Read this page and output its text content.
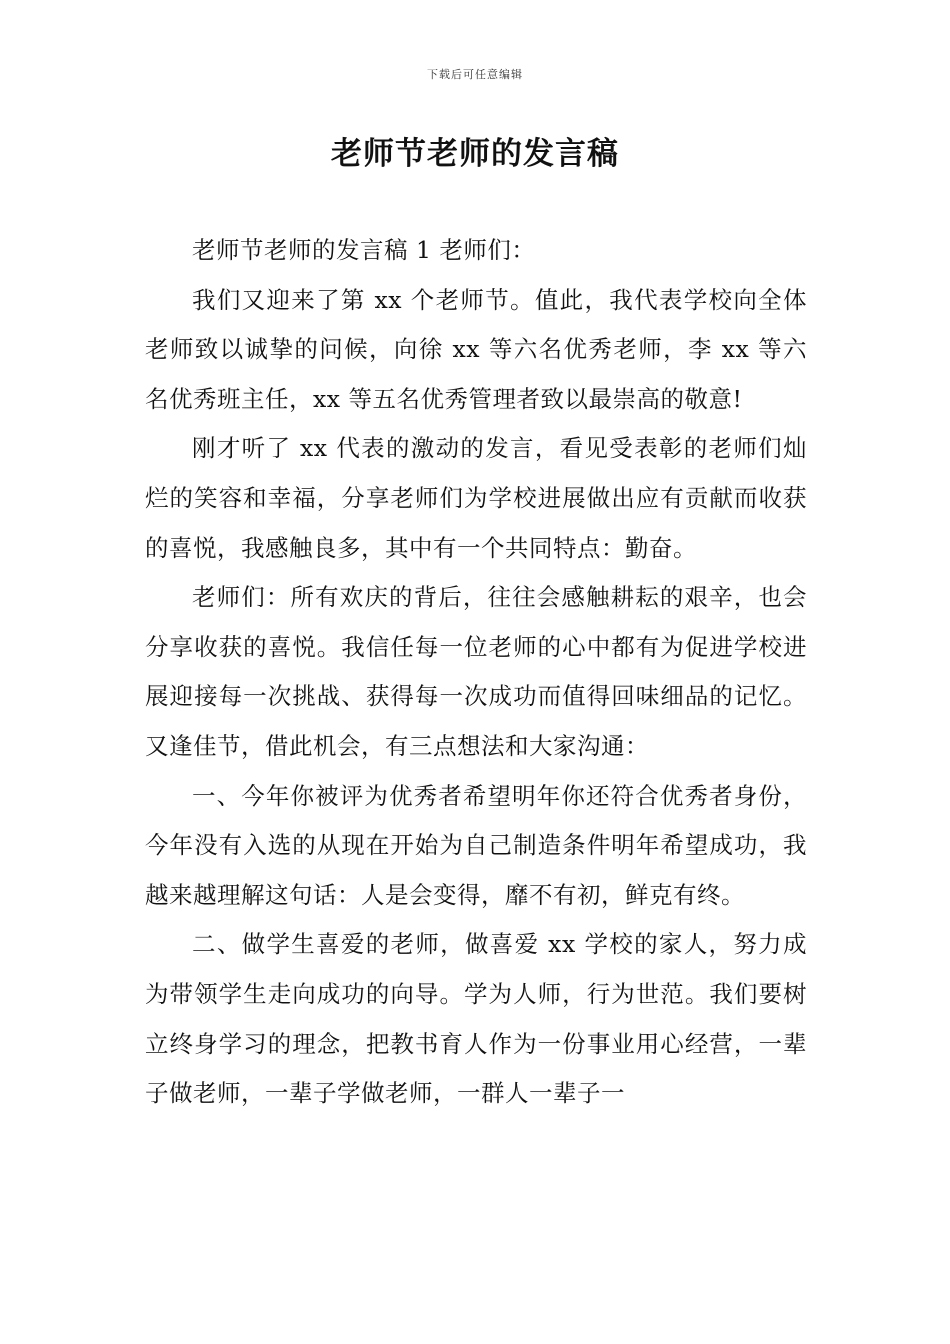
下载后可任意编辑
老师节老师的发言稿

老师节老师的发言稿 1 老师们：

我们又迎来了第 xx 个老师节。值此，我代表学校向全体老师致以诚挚的问候，向徐 xx 等六名优秀老师，李 xx 等六名优秀班主任，xx 等五名优秀管理者致以最崇高的敬意!

刚才听了 xx 代表的激动的发言，看见受表彰的老师们灿烂的笑容和幸福，分享老师们为学校进展做出应有贡献而收获的喜悦，我感触良多，其中有一个共同特点：勤奋。

老师们：所有欢庆的背后，往往会感触耕耘的艰辛，也会分享收获的喜悦。我信任每一位老师的心中都有为促进学校进展迎接每一次挑战、获得每一次成功而值得回味细品的记忆。又逢佳节，借此机会，有三点想法和大家沟通：

一、今年你被评为优秀者希望明年你还符合优秀者身份，今年没有入选的从现在开始为自己制造条件明年希望成功，我越来越理解这句话：人是会变得，靡不有初，鲜克有终。

二、做学生喜爱的老师，做喜爱 xx 学校的家人，努力成为带领学生走向成功的向导。学为人师，行为世范。我们要树立终身学习的理念，把教书育人作为一份事业用心经营，一辈子做老师，一辈子学做老师，一群人一辈子一
